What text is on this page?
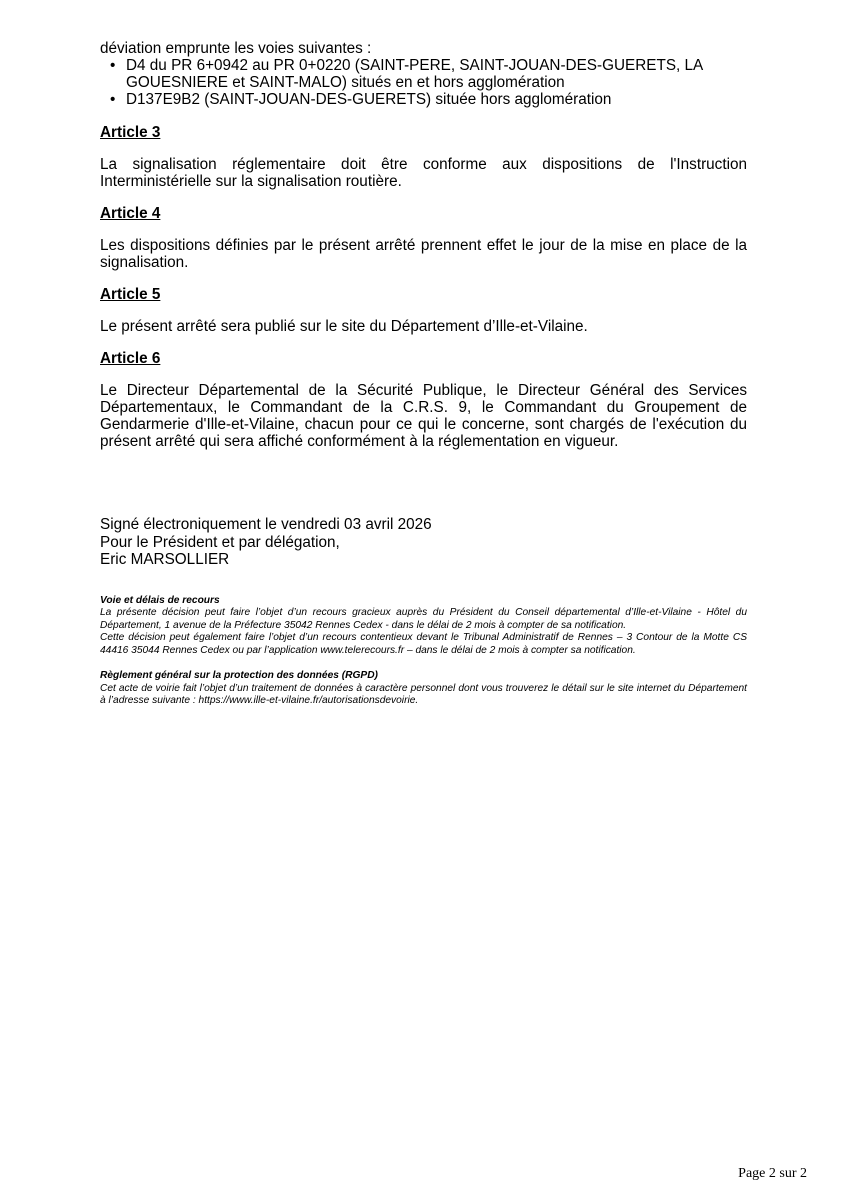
déviation emprunte les voies suivantes :

• D4 du PR 6+0942 au PR 0+0220 (SAINT-PERE, SAINT-JOUAN-DES-GUERETS, LA GOUESNIERE et SAINT-MALO) situés en et hors agglomération
• D137E9B2 (SAINT-JOUAN-DES-GUERETS) située hors agglomération

Article 3

La signalisation réglementaire doit être conforme aux dispositions de l'Instruction Interministérielle sur la signalisation routière.

Article 4

Les dispositions définies par le présent arrêté prennent effet le jour de la mise en place de la signalisation.

Article 5

Le présent arrêté sera publié sur le site du Département d’Ille-et-Vilaine.

Article 6

Le Directeur Départemental de la Sécurité Publique, le Directeur Général des Services Départementaux, le Commandant de la C.R.S. 9, le Commandant du Groupement de Gendarmerie d'Ille-et-Vilaine, chacun pour ce qui le concerne, sont chargés de l'exécution du présent arrêté qui sera affiché conformément à la réglementation en vigueur.

Signé électroniquement le vendredi 03 avril 2026

Pour le Président et par délégation,

Eric MARSOLLIER

Voie et délais de recours

La présente décision peut faire l’objet d’un recours gracieux auprès du Président du Conseil départemental d’Ille-et-Vilaine - Hôtel du Département, 1 avenue de la Préfecture 35042 Rennes Cedex - dans le délai de 2 mois à compter de sa notification.

Cette décision peut également faire l’objet d’un recours contentieux devant le Tribunal Administratif de Rennes – 3 Contour de la Motte CS 44416 35044 Rennes Cedex ou par l’application www.telerecours.fr – dans le délai de 2 mois à compter sa notification.

Règlement général sur la protection des données (RGPD)

Cet acte de voirie fait l’objet d’un traitement de données à caractère personnel dont vous trouverez le détail sur le site internet du Département à l’adresse suivante : https://www.ille-et-vilaine.fr/autorisationsdevoirie.

Page 2 sur 2
